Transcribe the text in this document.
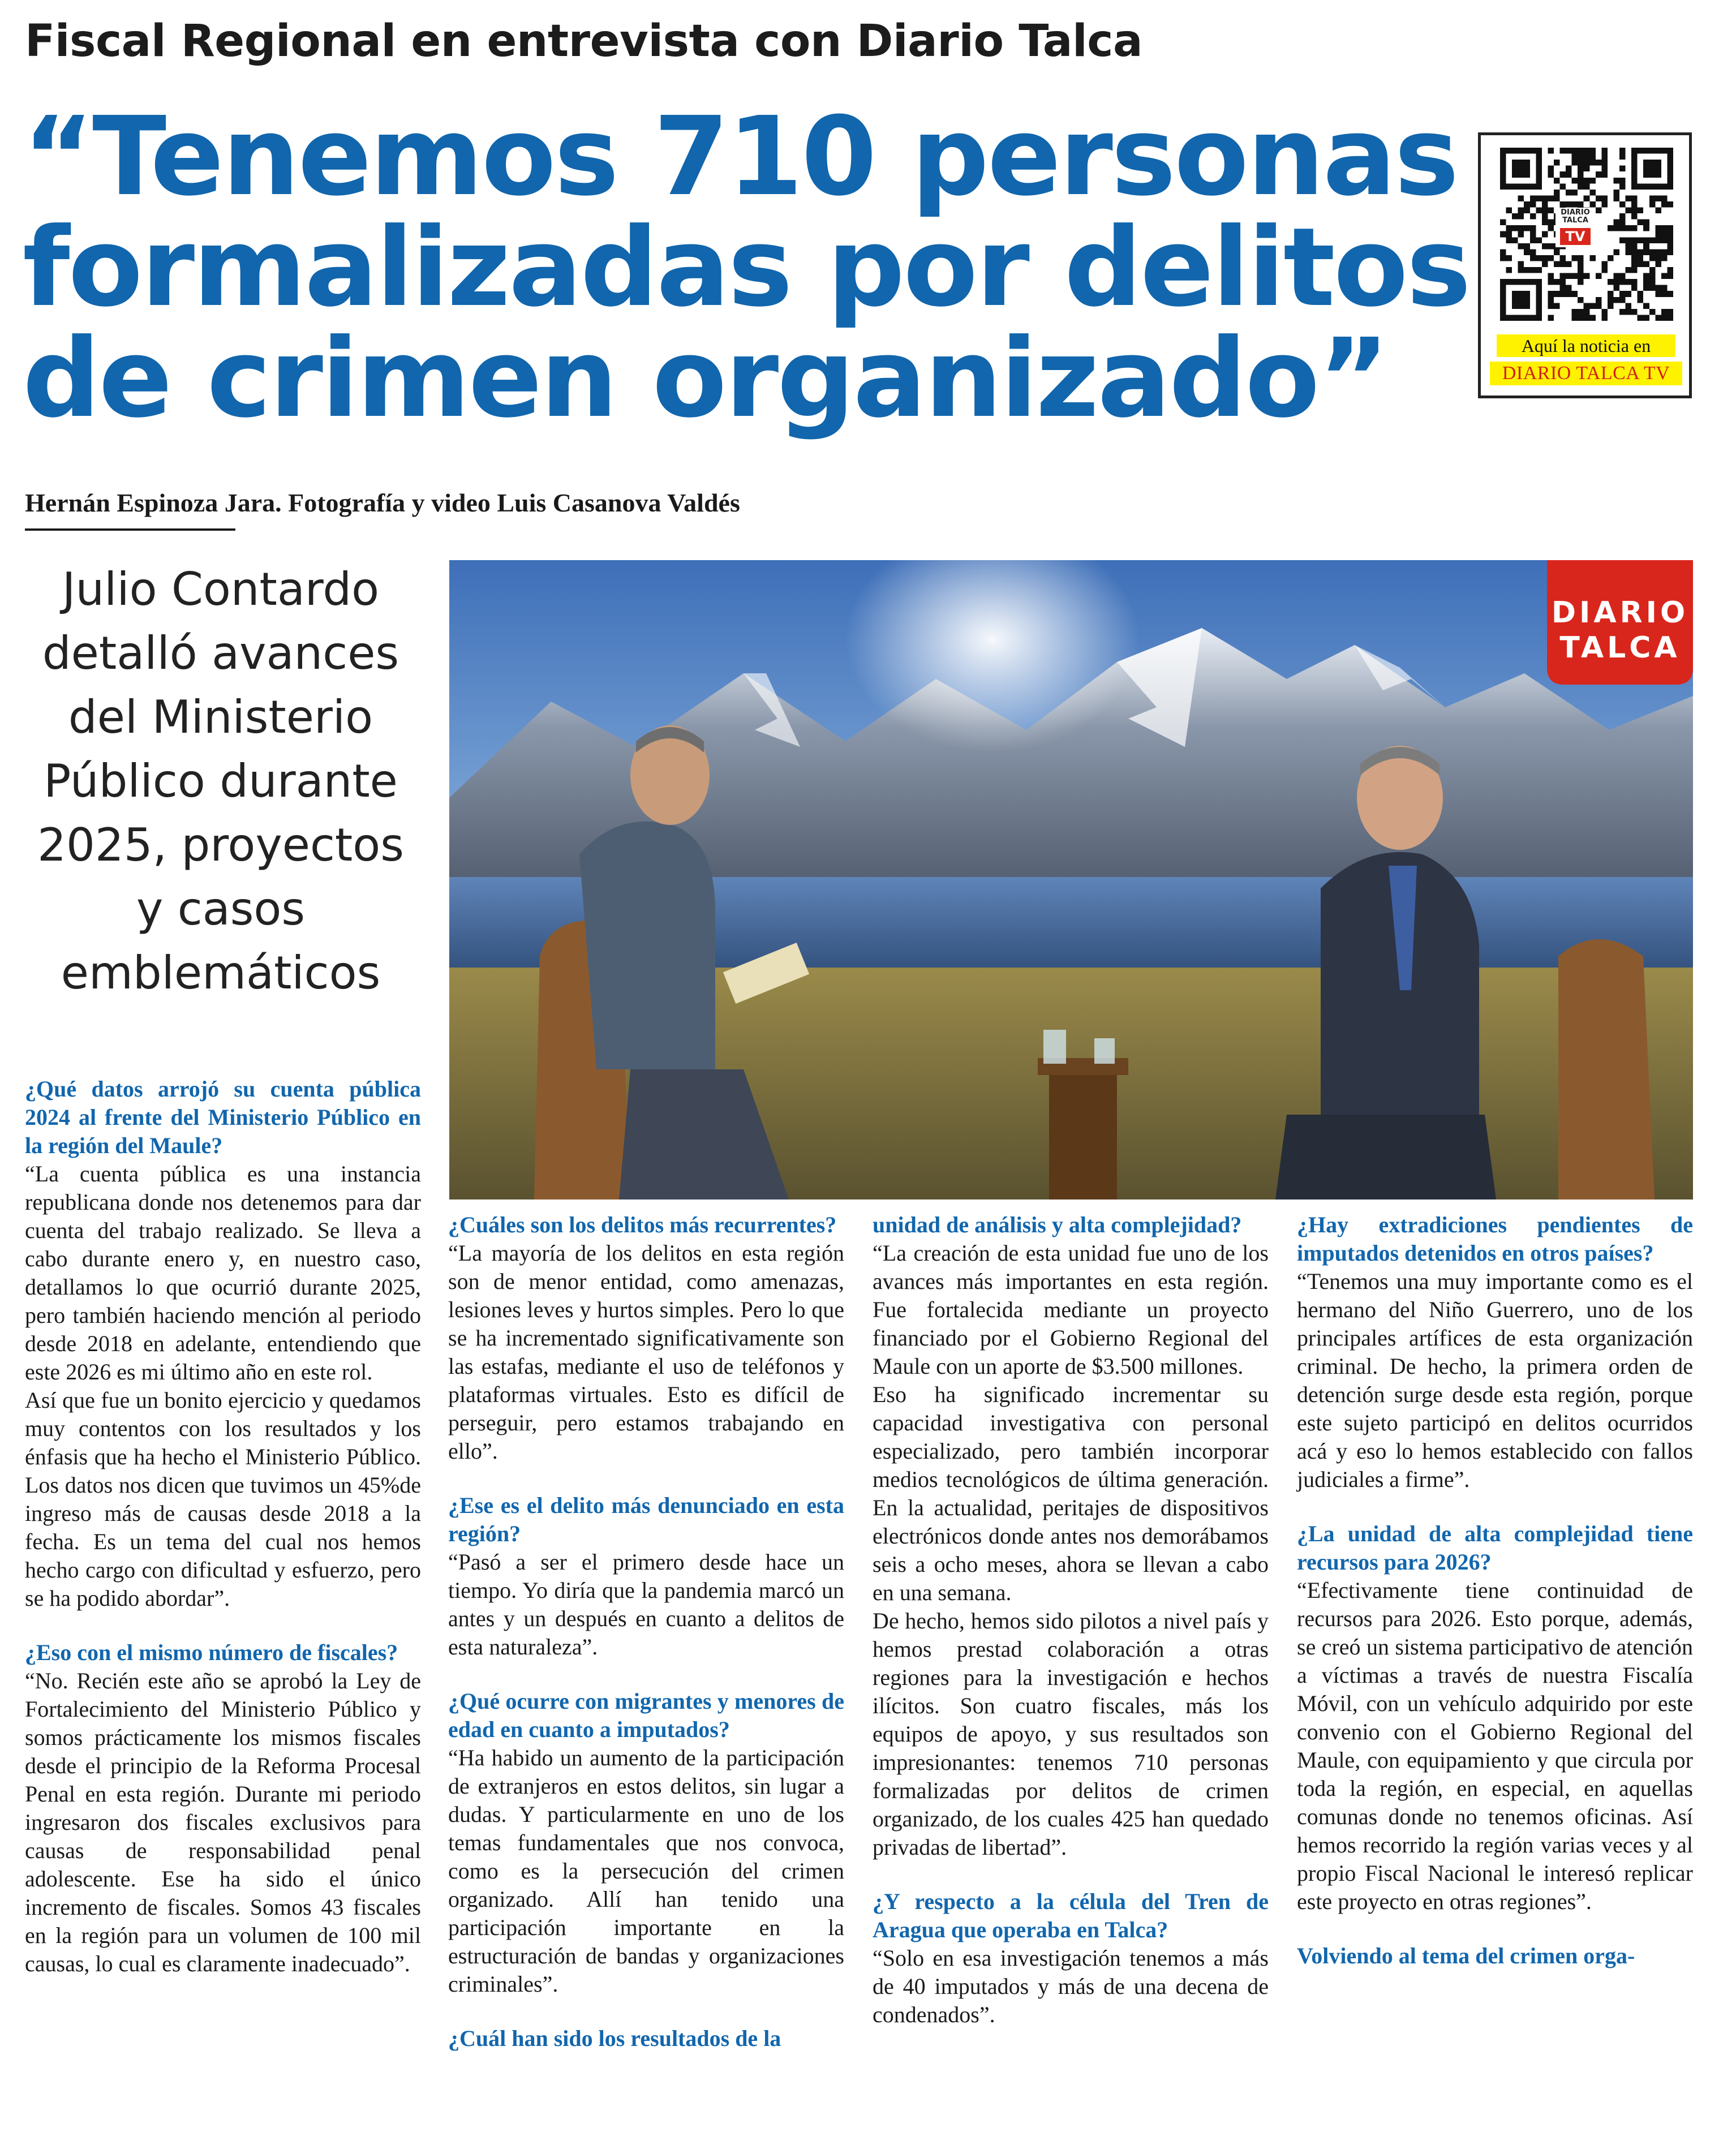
Fiscal Regional en entrevista con Diario Talca
“Tenemos 710 personas
formalizadas por delitos
de crimen organizado”
DIARIO TALCA
TV
Aquí la noticia en
DIARIO TALCA TV
Hernán Espinoza Jara. Fotografía y video Luis Casanova Valdés
Julio Contardo
detalló avances
del Ministerio
Público durante
2025, proyectos
y casos
emblemáticos
DIARIO
TALCA
¿Qué datos arrojó su cuenta pública 2024 al frente del Ministerio Público en la región del Maule?

“La cuenta pública es una instancia republicana donde nos detenemos para dar cuenta del trabajo realizado. Se lleva a cabo durante enero y, en nuestro caso, detallamos lo que ocurrió durante 2025, pero también haciendo mención al periodo desde 2018 en adelante, entendiendo que este 2026 es mi último año en este rol.

Así que fue un bonito ejercicio y quedamos muy contentos con los resultados y los énfasis que ha hecho el Ministerio Público. Los datos nos dicen que tuvimos un 45%de ingreso más de causas desde 2018 a la fecha. Es un tema del cual nos hemos hecho cargo con dificultad y esfuerzo, pero se ha podido abordar”.

¿Eso con el mismo número de fiscales?

“No. Recién este año se aprobó la Ley de Fortalecimiento del Ministerio Público y somos prácticamente los mismos fiscales desde el principio de la Reforma Procesal Penal en esta región. Durante mi periodo ingresaron dos fiscales exclusivos para causas de responsabilidad penal adolescente. Ese ha sido el único incremento de fiscales. Somos 43 fiscales en la región para un volumen de 100 mil causas, lo cual es claramente inadecuado”.

¿Cuáles son los delitos más recurrentes?

“La mayoría de los delitos en esta región son de menor entidad, como amenazas, lesiones leves y hurtos simples. Pero lo que se ha incrementado significativamente son las estafas, mediante el uso de teléfonos y plataformas virtuales. Esto es difícil de perseguir, pero estamos trabajando en ello”.

¿Ese es el delito más denunciado en esta región?

“Pasó a ser el primero desde hace un tiempo. Yo diría que la pandemia marcó un antes y un después en cuanto a delitos de esta naturaleza”.

¿Qué ocurre con migrantes y menores de edad en cuanto a imputados?

“Ha habido un aumento de la participación de extranjeros en estos delitos, sin lugar a dudas. Y particularmente en uno de los temas fundamentales que nos convoca, como es la persecución del crimen organizado. Allí han tenido una participación importante en la estructuración de bandas y organizaciones criminales”.

¿Cuál han sido los resultados de la
unidad de análisis y alta complejidad?

“La creación de esta unidad fue uno de los avances más importantes en esta región. Fue fortalecida mediante un proyecto financiado por el Gobierno Regional del Maule con un aporte de $3.500 millones.

Eso ha significado incrementar su capacidad investigativa con personal especializado, pero también incorporar medios tecnológicos de última generación. En la actualidad, peritajes de dispositivos electrónicos donde antes nos demorábamos seis a ocho meses, ahora se llevan a cabo en una semana.

De hecho, hemos sido pilotos a nivel país y hemos prestad colaboración a otras regiones para la investigación e hechos ilícitos. Son cuatro fiscales, más los equipos de apoyo, y sus resultados son impresionantes: tenemos 710 personas formalizadas por delitos de crimen organizado, de los cuales 425 han quedado privadas de libertad”.

¿Y respecto a la célula del Tren de Aragua que operaba en Talca?

“Solo en esa investigación tenemos a más de 40 imputados y más de una decena de condenados”.

¿Hay extradiciones pendientes de imputados detenidos en otros países?

“Tenemos una muy importante como es el hermano del Niño Guerrero, uno de los principales artífices de esta organización criminal. De hecho, la primera orden de detención surge desde esta región, porque este sujeto participó en delitos ocurridos acá y eso lo hemos establecido con fallos judiciales a firme”.

¿La unidad de alta complejidad tiene recursos para 2026?

“Efectivamente tiene continuidad de recursos para 2026. Esto porque, además, se creó un sistema participativo de atención a víctimas a través de nuestra Fiscalía Móvil, con un vehículo adquirido por este convenio con el Gobierno Regional del Maule, con equipamiento y que circula por toda la región, en especial, en aquellas comunas donde no tenemos oficinas. Así hemos recorrido la región varias veces y al propio Fiscal Nacional le interesó replicar este proyecto en otras regiones”.

Volviendo al tema del crimen orga-
